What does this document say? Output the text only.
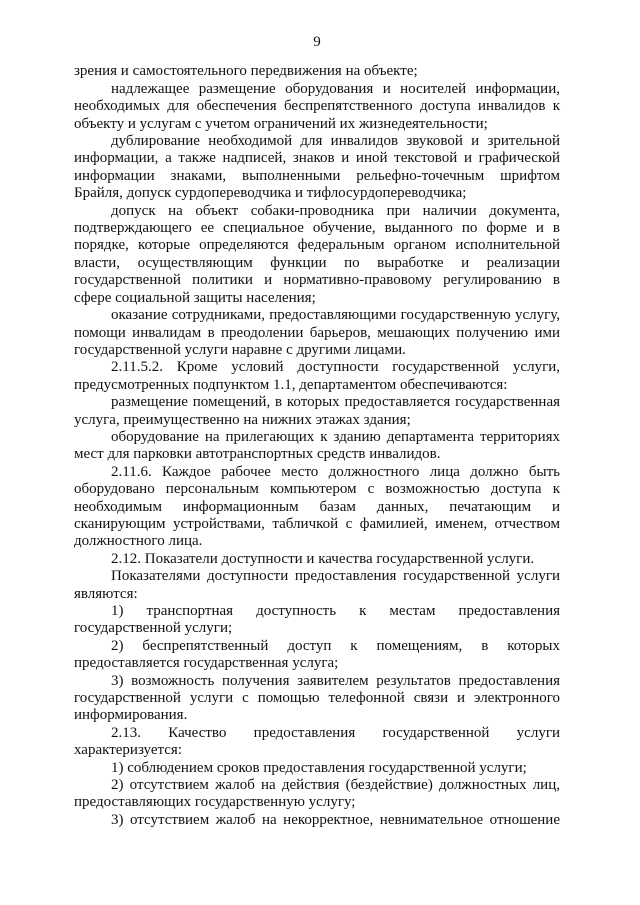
9

зрения и самостоятельного передвижения на объекте;

надлежащее размещение оборудования и носителей информации, необходимых для обеспечения беспрепятственного доступа инвалидов к объекту и услугам с учетом ограничений их жизнедеятельности;

дублирование необходимой для инвалидов звуковой и зрительной информации, а также надписей, знаков и иной текстовой и графической информации знаками, выполненными рельефно-точечным шрифтом Брайля, допуск сурдопереводчика и тифлосурдопереводчика;

допуск на объект собаки-проводника при наличии документа, подтверждающего ее специальное обучение, выданного по форме и в порядке, которые определяются федеральным органом исполнительной власти, осуществляющим функции по выработке и реализации государственной политики и нормативно-правовому регулированию в сфере социальной защиты населения;

оказание сотрудниками, предоставляющими государственную услугу, помощи инвалидам в преодолении барьеров, мешающих получению ими государственной услуги наравне с другими лицами.

2.11.5.2. Кроме условий доступности государственной услуги, предусмотренных подпунктом 1.1, департаментом обеспечиваются:

размещение помещений, в которых предоставляется государственная услуга, преимущественно на нижних этажах здания;

оборудование на прилегающих к зданию департамента территориях мест для парковки автотранспортных средств инвалидов.

2.11.6. Каждое рабочее место должностного лица должно быть оборудовано персональным компьютером с возможностью доступа к необходимым информационным базам данных, печатающим и сканирующим устройствами, табличкой с фамилией, именем, отчеством должностного лица.

2.12. Показатели доступности и качества государственной услуги.

Показателями доступности предоставления государственной услуги являются:

1) транспортная доступность к местам предоставления государственной услуги;

2) беспрепятственный доступ к помещениям, в которых предоставляется государственная услуга;

3) возможность получения заявителем результатов предоставления государственной услуги с помощью телефонной связи и электронного информирования.

2.13. Качество предоставления государственной услуги характеризуется:

1) соблюдением сроков предоставления государственной услуги;

2) отсутствием жалоб на действия (бездействие) должностных лиц, предоставляющих государственную услугу;

3) отсутствием жалоб на некорректное, невнимательное отношение
